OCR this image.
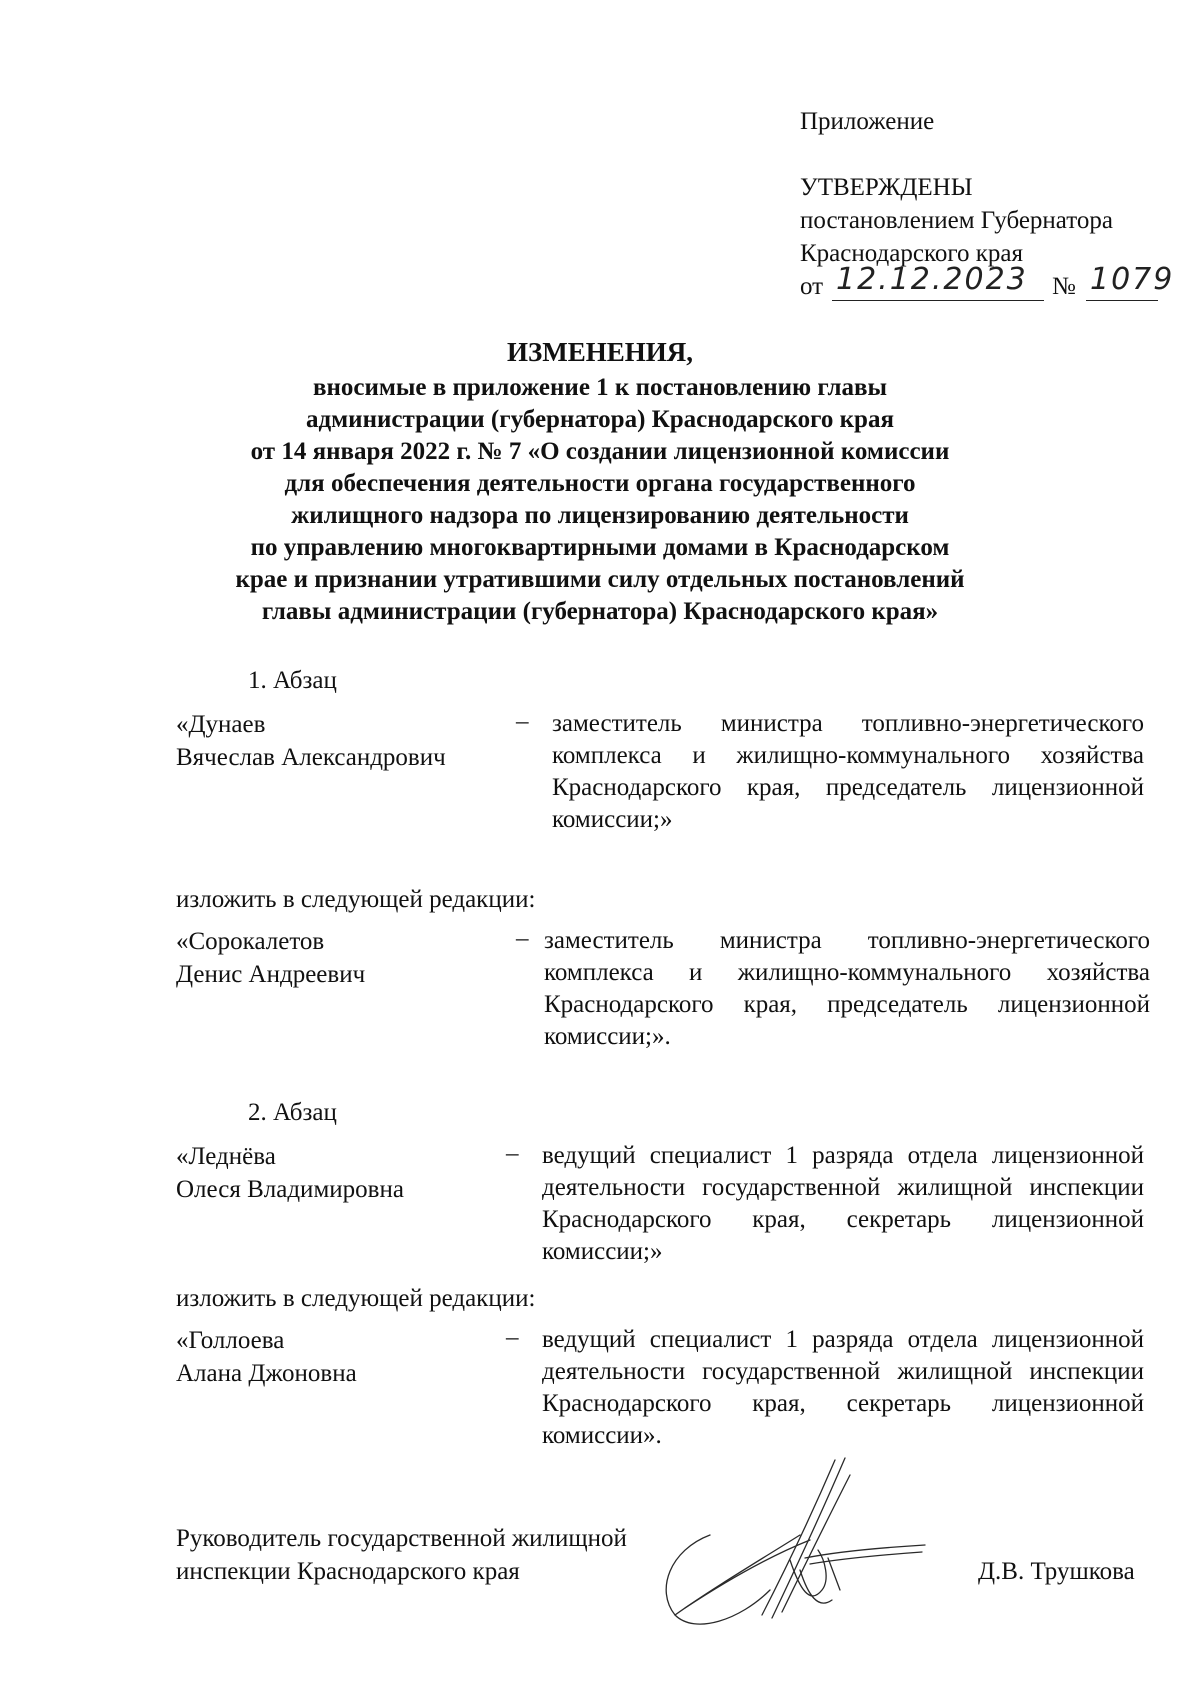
Приложение
УТВЕРЖДЕНЫ
постановлением Губернатора
Краснодарского края
от 12.12.2023 № 1079
ИЗМЕНЕНИЯ,
вносимые в приложение 1 к постановлению главы
администрации (губернатора) Краснодарского края
от 14 января 2022 г. № 7 «О создании лицензионной комиссии
для обеспечения деятельности органа государственного
жилищного надзора по лицензированию деятельности
по управлению многоквартирными домами в Краснодарском
крае и признании утратившими силу отдельных постановлений
главы администрации (губернатора) Краснодарского края»
1. Абзац
«Дунаев
Вячеслав Александрович
– заместитель министра топливно-энергетического комплекса и жилищно-коммунального хозяйства Краснодарского края, председатель лицензионной комиссии;»
изложить в следующей редакции:
«Сорокалетов
Денис Андреевич
– заместитель министра топливно-энергетического комплекса и жилищно-коммунального хозяйства Краснодарского края, председатель лицензионной комиссии;».
2. Абзац
«Леднёва
Олеся Владимировна
– ведущий специалист 1 разряда отдела лицензионной деятельности государственной жилищной инспекции Краснодарского края, секретарь лицензионной комиссии;»
изложить в следующей редакции:
«Голлоева
Алана Джоновна
– ведущий специалист 1 разряда отдела лицензионной деятельности государственной жилищной инспекции Краснодарского края, секретарь лицензионной комиссии».
Руководитель государственной жилищной
инспекции Краснодарского края	Д.В. Трушкова
